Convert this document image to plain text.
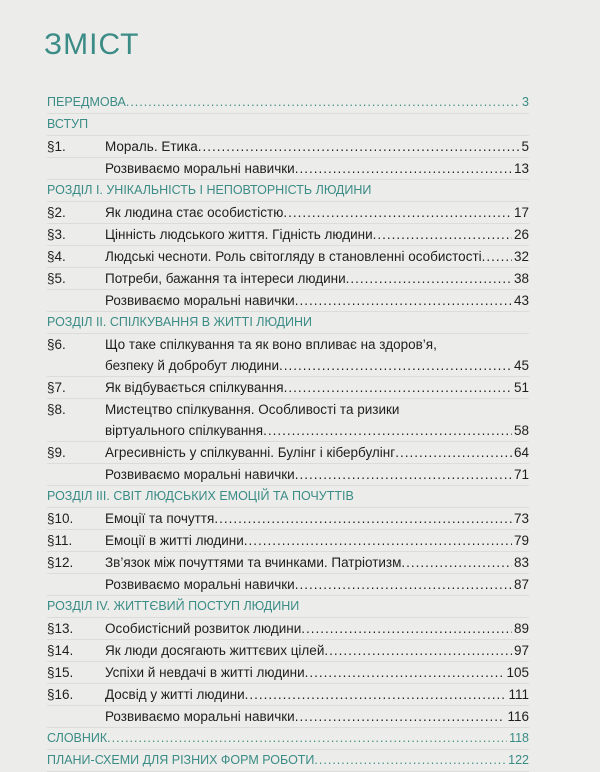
ЗМІСТ
ПЕРЕДМОВА .....	3
ВСТУП
§1.	Мораль. Етика .....	5
Розвиваємо моральні навички .....	13
РОЗДІЛ І. УНІКАЛЬНІСТЬ І НЕПОВТОРНІСТЬ ЛЮДИНИ
§2.	Як людина стає особистістю .....	17
§3.	Цінність людського життя. Гідність людини .....	26
§4.	Людські чесноти. Роль світогляду в становленні особистості ..... 32
§5.	Потреби, бажання та інтереси людини .....	38
Розвиваємо моральні навички .....	43
РОЗДІЛ ІІ. СПІЛКУВАННЯ В ЖИТТІ ЛЮДИНИ
§6.	Що таке спілкування та як воно впливає на здоров’я,
безпеку й добробут людини .....	45
§7.	Як відбувається спілкування .....	51
§8.	Мистецтво спілкування. Особливості та ризики
віртуального спілкування .....	58
§9.	Агресивність у спілкуванні. Булінг і кібербулінг .....	64
Розвиваємо моральні навички .....	71
РОЗДІЛ ІІІ. СВІТ ЛЮДСЬКИХ ЕМОЦІЙ ТА ПОЧУТТІВ
§10.	Емоції та почуття .....	73
§11.	Емоції в житті людини .....	79
§12.	Зв’язок між почуттями та вчинками. Патріотизм .....	83
Розвиваємо моральні навички .....	87
РОЗДІЛ IV. ЖИТТЄВИЙ ПОСТУП ЛЮДИНИ
§13.	Особистісний розвиток людини .....	89
§14.	Як люди досягають життєвих цілей .....	97
§15.	Успіхи й невдачі в житті людини .....	105
§16.	Досвід у житті людини .....	111
Розвиваємо моральні навички .....	116
СЛОВНИК .....	118
ПЛАНИ-СХЕМИ ДЛЯ РІЗНИХ ФОРМ РОБОТИ .....	122
